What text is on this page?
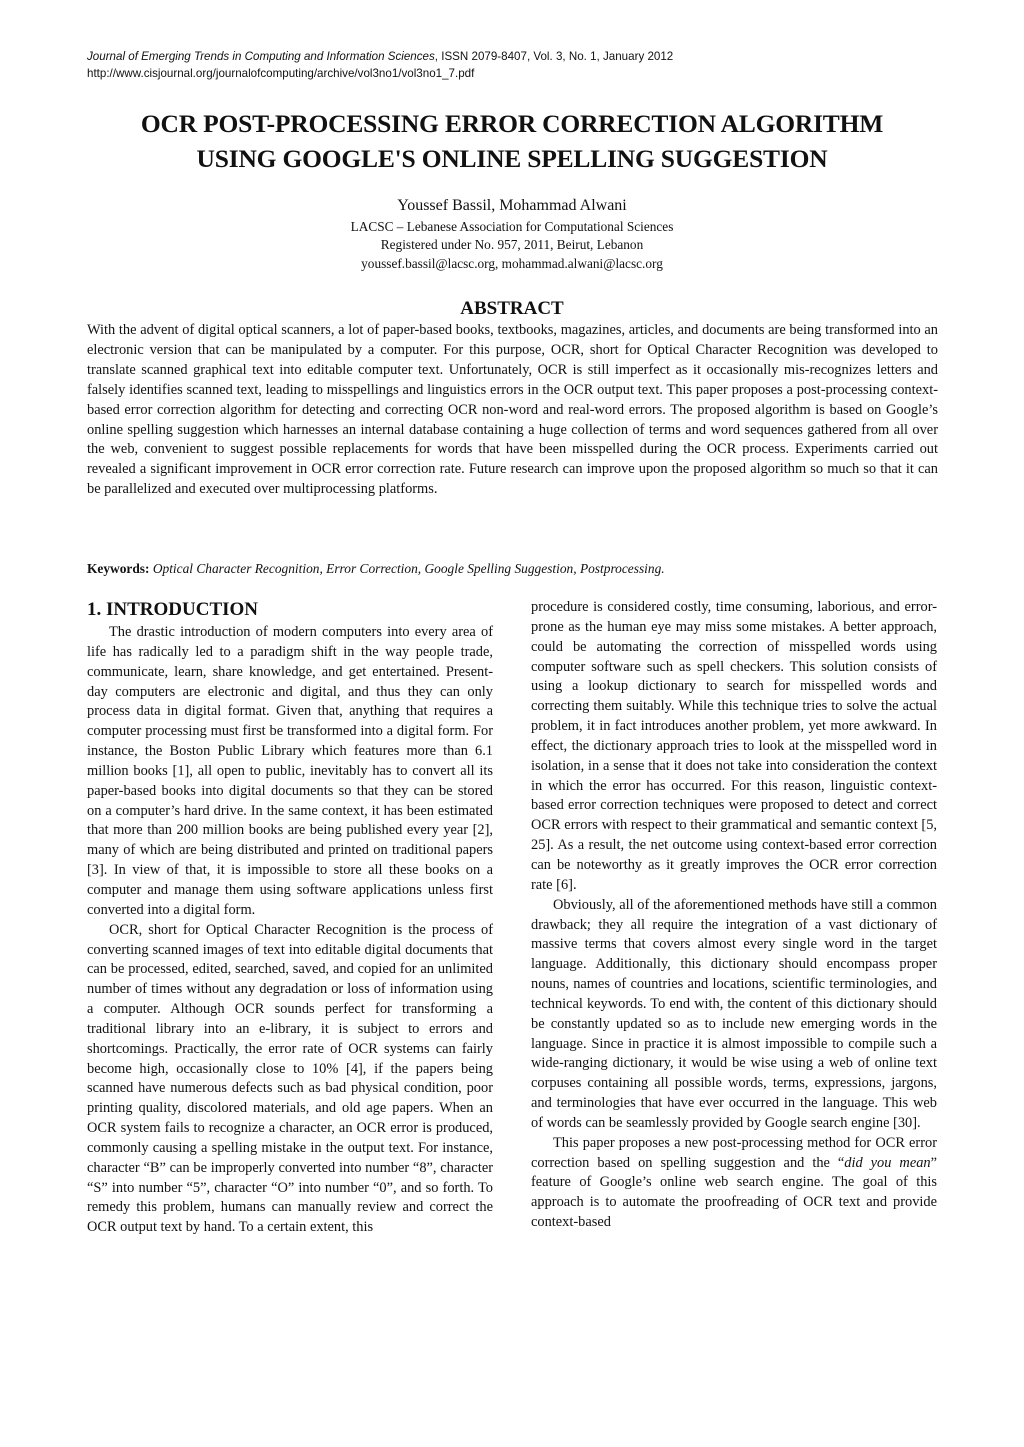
Journal of Emerging Trends in Computing and Information Sciences, ISSN 2079-8407, Vol. 3, No. 1, January 2012
http://www.cisjournal.org/journalofcomputing/archive/vol3no1/vol3no1_7.pdf
OCR POST-PROCESSING ERROR CORRECTION ALGORITHM
USING GOOGLE'S ONLINE SPELLING SUGGESTION
Youssef Bassil, Mohammad Alwani
LACSC – Lebanese Association for Computational Sciences
Registered under No. 957, 2011, Beirut, Lebanon
youssef.bassil@lacsc.org, mohammad.alwani@lacsc.org
ABSTRACT

With the advent of digital optical scanners, a lot of paper-based books, textbooks, magazines, articles, and documents are being transformed into an electronic version that can be manipulated by a computer. For this purpose, OCR, short for Optical Character Recognition was developed to translate scanned graphical text into editable computer text. Unfortunately, OCR is still imperfect as it occasionally mis-recognizes letters and falsely identifies scanned text, leading to misspellings and linguistics errors in the OCR output text. This paper proposes a post-processing context-based error correction algorithm for detecting and correcting OCR non-word and real-word errors. The proposed algorithm is based on Google’s online spelling suggestion which harnesses an internal database containing a huge collection of terms and word sequences gathered from all over the web, convenient to suggest possible replacements for words that have been misspelled during the OCR process. Experiments carried out revealed a significant improvement in OCR error correction rate. Future research can improve upon the proposed algorithm so much so that it can be parallelized and executed over multiprocessing platforms.

Keywords: Optical Character Recognition, Error Correction, Google Spelling Suggestion, Postprocessing.
1. INTRODUCTION

The drastic introduction of modern computers into every area of life has radically led to a paradigm shift in the way people trade, communicate, learn, share knowledge, and get entertained. Present-day computers are electronic and digital, and thus they can only process data in digital format. Given that, anything that requires a computer processing must first be transformed into a digital form. For instance, the Boston Public Library which features more than 6.1 million books [1], all open to public, inevitably has to convert all its paper-based books into digital documents so that they can be stored on a computer’s hard drive. In the same context, it has been estimated that more than 200 million books are being published every year [2], many of which are being distributed and printed on traditional papers [3]. In view of that, it is impossible to store all these books on a computer and manage them using software applications unless first converted into a digital form.

OCR, short for Optical Character Recognition is the process of converting scanned images of text into editable digital documents that can be processed, edited, searched, saved, and copied for an unlimited number of times without any degradation or loss of information using a computer. Although OCR sounds perfect for transforming a traditional library into an e-library, it is subject to errors and shortcomings. Practically, the error rate of OCR systems can fairly become high, occasionally close to 10% [4], if the papers being scanned have numerous defects such as bad physical condition, poor printing quality, discolored materials, and old age papers. When an OCR system fails to recognize a character, an OCR error is produced, commonly causing a spelling mistake in the output text. For instance, character “B” can be improperly converted into number “8”, character “S” into number “5”, character “O” into number “0”, and so forth. To remedy this problem, humans can manually review and correct the OCR output text by hand. To a certain extent, this

procedure is considered costly, time consuming, laborious, and error-prone as the human eye may miss some mistakes. A better approach, could be automating the correction of misspelled words using computer software such as spell checkers. This solution consists of using a lookup dictionary to search for misspelled words and correcting them suitably. While this technique tries to solve the actual problem, it in fact introduces another problem, yet more awkward. In effect, the dictionary approach tries to look at the misspelled word in isolation, in a sense that it does not take into consideration the context in which the error has occurred. For this reason, linguistic context-based error correction techniques were proposed to detect and correct OCR errors with respect to their grammatical and semantic context [5, 25]. As a result, the net outcome using context-based error correction can be noteworthy as it greatly improves the OCR error correction rate [6].

Obviously, all of the aforementioned methods have still a common drawback; they all require the integration of a vast dictionary of massive terms that covers almost every single word in the target language. Additionally, this dictionary should encompass proper nouns, names of countries and locations, scientific terminologies, and technical keywords. To end with, the content of this dictionary should be constantly updated so as to include new emerging words in the language. Since in practice it is almost impossible to compile such a wide-ranging dictionary, it would be wise using a web of online text corpuses containing all possible words, terms, expressions, jargons, and terminologies that have ever occurred in the language. This web of words can be seamlessly provided by Google search engine [30].

This paper proposes a new post-processing method for OCR error correction based on spelling suggestion and the “did you mean” feature of Google’s online web search engine. The goal of this approach is to automate the proofreading of OCR text and provide context-based
